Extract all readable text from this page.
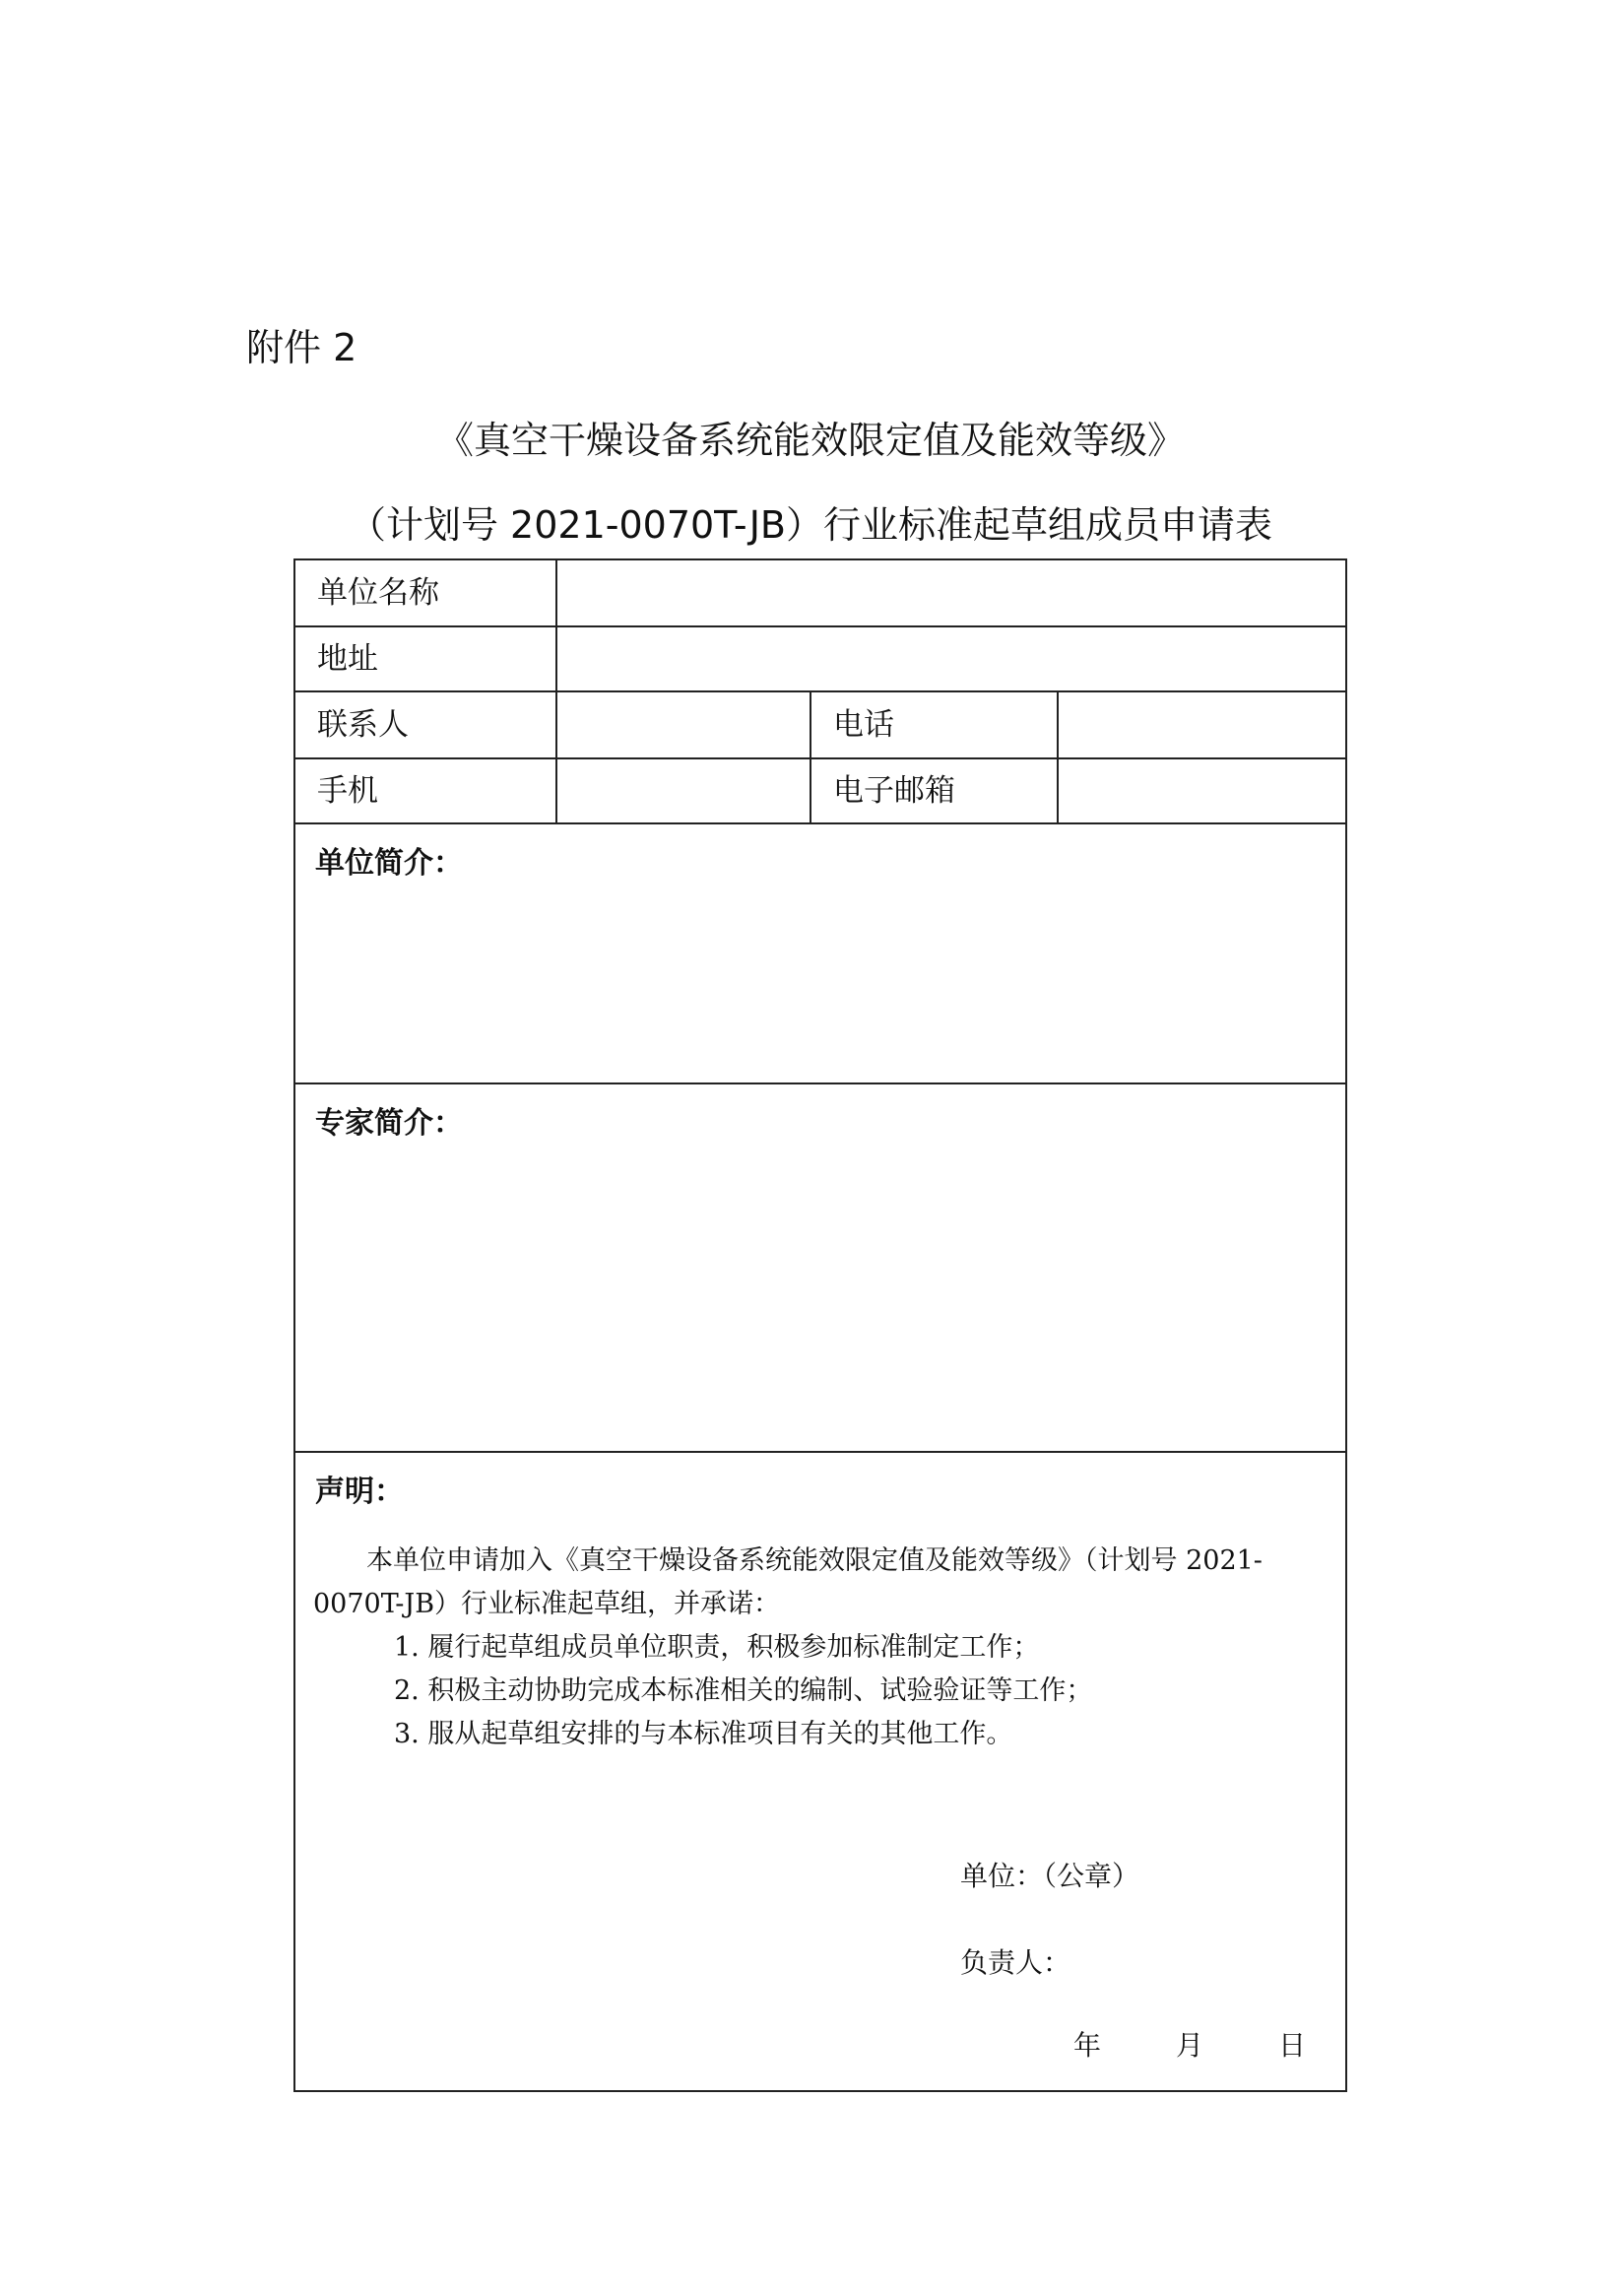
附件 2
《真空干燥设备系统能效限定值及能效等级》
（计划号 2021-0070T-JB）行业标准起草组成员申请表
单位名称
地址
联系人	电话
手机	电子邮箱
单位简介：
专家简介：
声明：
本单位申请加入《真空干燥设备系统能效限定值及能效等级》（计划号 2021-0070T-JB）行业标准起草组，并承诺：
1. 履行起草组成员单位职责，积极参加标准制定工作；
2. 积极主动协助完成本标准相关的编制、试验验证等工作；
3. 服从起草组安排的与本标准项目有关的其他工作。
单位：（公章）
负责人：
年	月	日
